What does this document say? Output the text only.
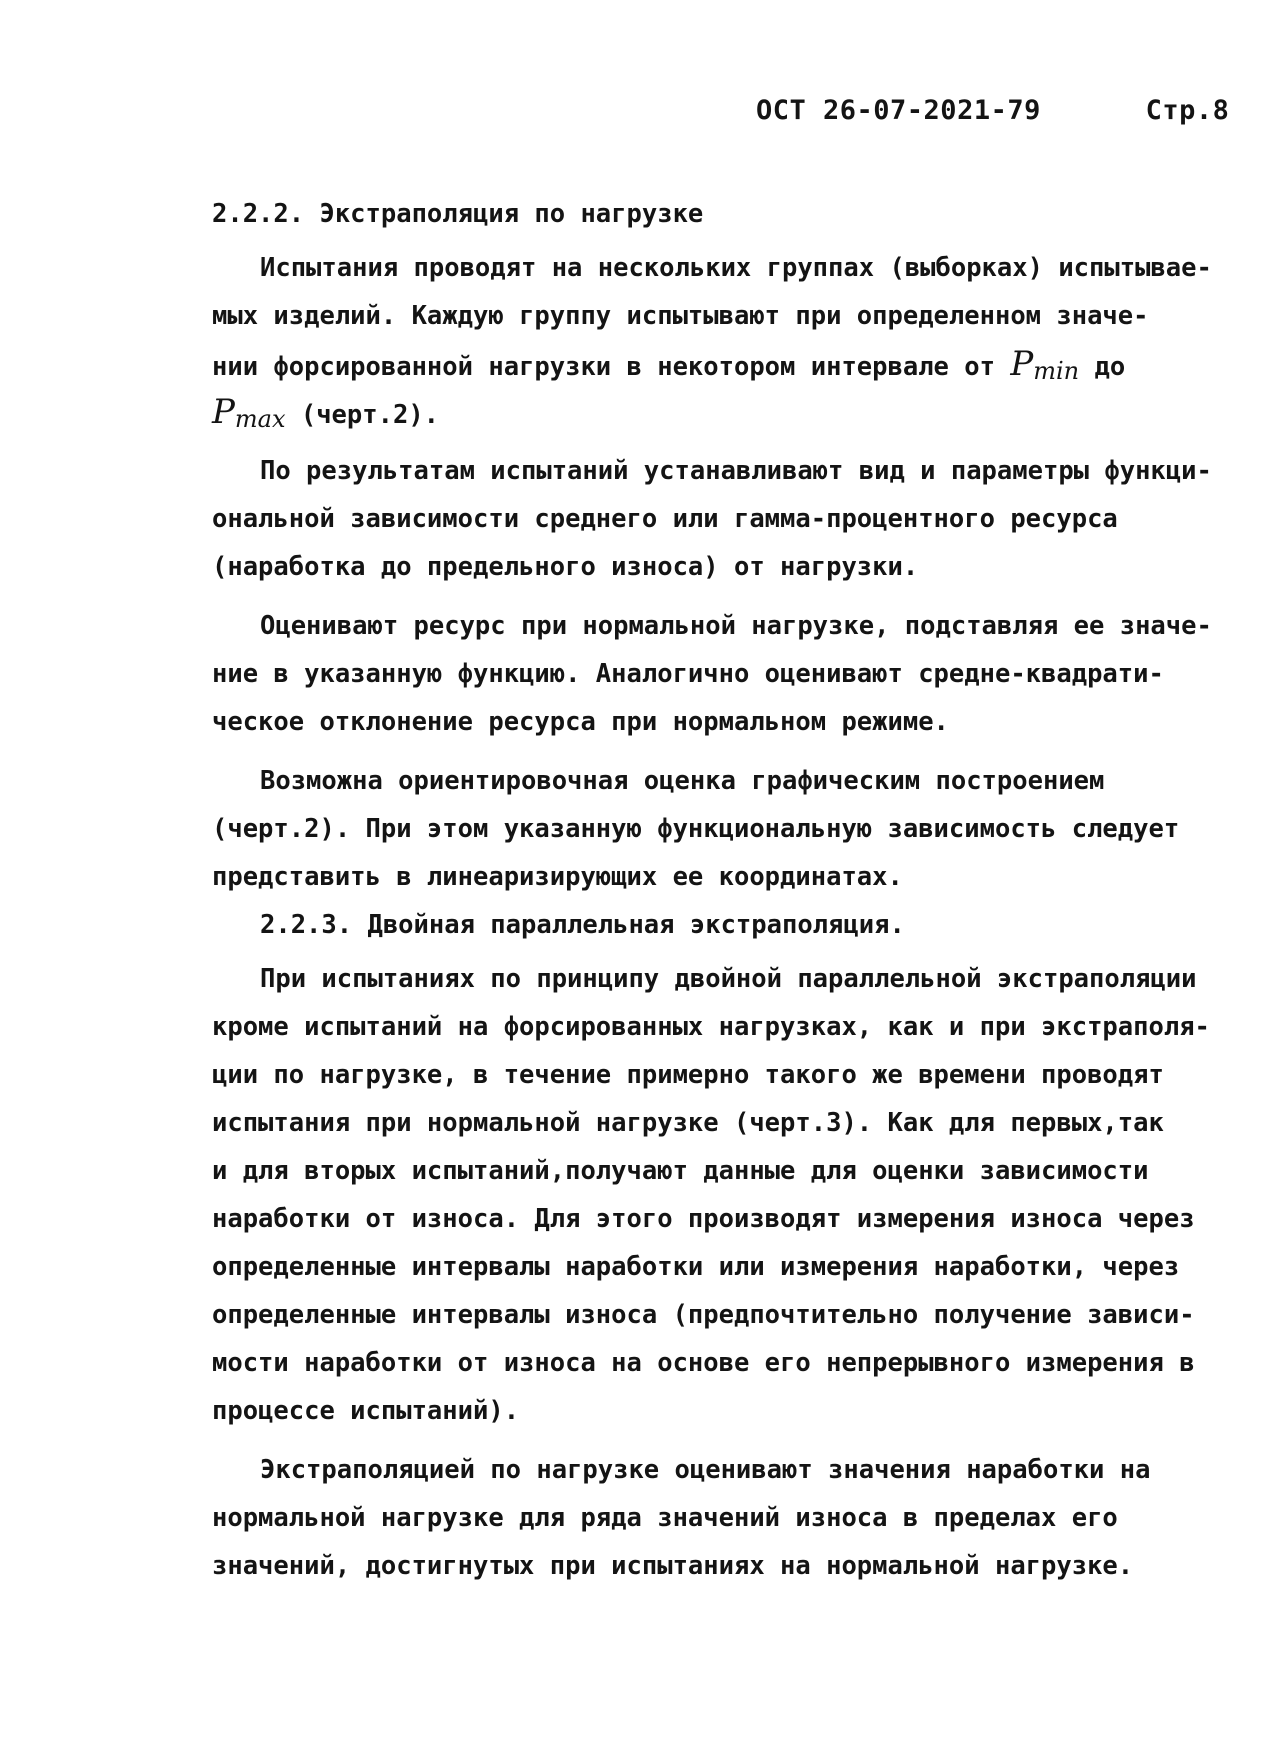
ОСТ 26-07-2021-79	Стр.8
2.2.2. Экстраполяция по нагрузке
Испытания проводят на нескольких группах (выборках) испытывае-
мых изделий. Каждую группу испытывают при определенном значе-
нии форсированной нагрузки в некотором интервале от Pmin до
Pmax (черт.2).
По результатам испытаний устанавливают вид и параметры функци-
ональной зависимости среднего или гамма-процентного ресурса
(наработка до предельного износа) от нагрузки.
Оценивают ресурс при нормальной нагрузке, подставляя ее значе-
ние в указанную функцию. Аналогично оценивают средне-квадрати-
ческое отклонение ресурса при нормальном режиме.
Возможна ориентировочная оценка графическим построением
(черт.2). При этом указанную функциональную зависимость следует
представить в линеаризирующих ее координатах.
2.2.3. Двойная параллельная экстраполяция.
При испытаниях по принципу двойной параллельной экстраполяции
кроме испытаний на форсированных нагрузках, как и при экстраполя-
ции по нагрузке, в течение примерно такого же времени проводят
испытания при нормальной нагрузке (черт.3). Как для первых,так
и для вторых испытаний,получают данные для оценки зависимости
наработки от износа. Для этого производят измерения износа через
определенные интервалы наработки или измерения наработки, через
определенные интервалы износа (предпочтительно получение зависи-
мости наработки от износа на основе его непрерывного измерения в
процессе испытаний).
Экстраполяцией по нагрузке оценивают значения наработки на
нормальной нагрузке для ряда значений износа в пределах его
значений, достигнутых при испытаниях на нормальной нагрузке.
